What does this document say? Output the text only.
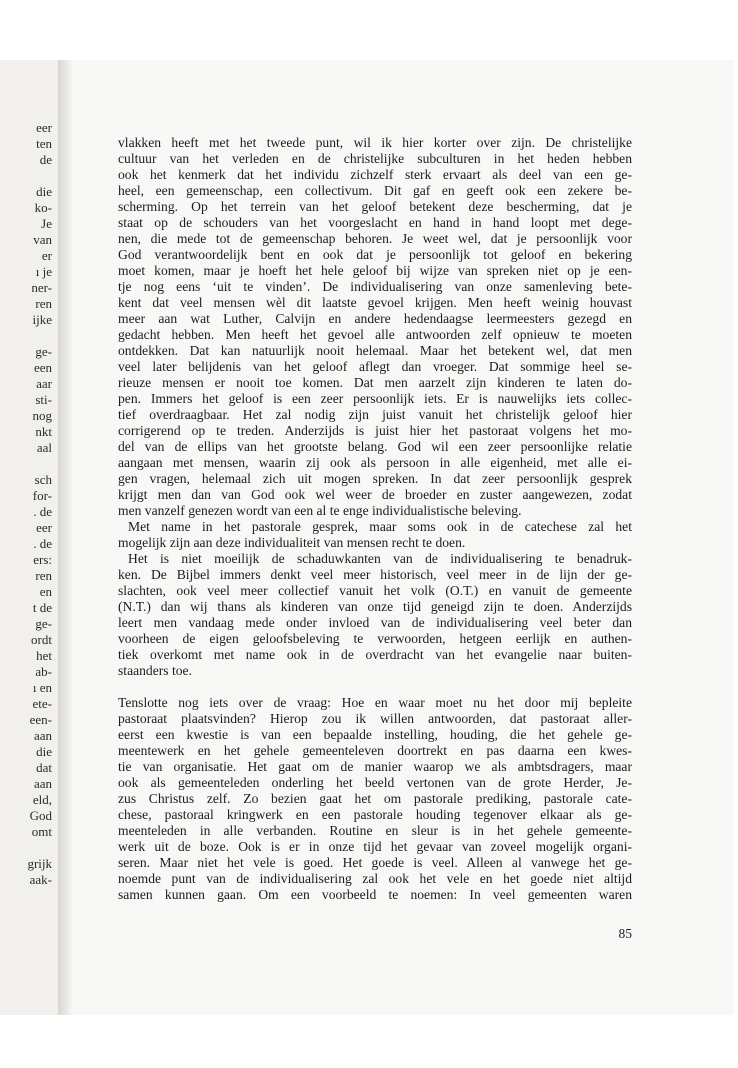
eer
ten
de
die
ko-
Je
van
er
ı je
ner-
ren
ijke
ge-
een
aar
sti-
nog
nkt
aal
sch
for-
. de
eer
. de
ers:
ren
en
t de
ge-
ordt
het
ab-
ı en
ete-
een-
aan
die
dat
aan
eld,
God
omt
grijk
aak-
85
vlakken heeft met het tweede punt, wil ik hier korter over zijn. De christelijke
cultuur van het verleden en de christelijke subculturen in het heden hebben
ook het kenmerk dat het individu zichzelf sterk ervaart als deel van een ge-
heel, een gemeenschap, een collectivum. Dit gaf en geeft ook een zekere be-
scherming. Op het terrein van het geloof betekent deze bescherming, dat je
staat op de schouders van het voorgeslacht en hand in hand loopt met dege-
nen, die mede tot de gemeenschap behoren. Je weet wel, dat je persoonlijk voor
God verantwoordelijk bent en ook dat je persoonlijk tot geloof en bekering
moet komen, maar je hoeft het hele geloof bij wijze van spreken niet op je een-
tje nog eens ‘uit te vinden’. De individualisering van onze samenleving bete-
kent dat veel mensen wèl dit laatste gevoel krijgen. Men heeft weinig houvast
meer aan wat Luther, Calvijn en andere hedendaagse leermeesters gezegd en
gedacht hebben. Men heeft het gevoel alle antwoorden zelf opnieuw te moeten
ontdekken. Dat kan natuurlijk nooit helemaal. Maar het betekent wel, dat men
veel later belijdenis van het geloof aflegt dan vroeger. Dat sommige heel se-
rieuze mensen er nooit toe komen. Dat men aarzelt zijn kinderen te laten do-
pen. Immers het geloof is een zeer persoonlijk iets. Er is nauwelijks iets collec-
tief overdraagbaar. Het zal nodig zijn juist vanuit het christelijk geloof hier
corrigerend op te treden. Anderzijds is juist hier het pastoraat volgens het mo-
del van de ellips van het grootste belang. God wil een zeer persoonlijke relatie
aangaan met mensen, waarin zij ook als persoon in alle eigenheid, met alle ei-
gen vragen, helemaal zich uit mogen spreken. In dat zeer persoonlijk gesprek
krijgt men dan van God ook wel weer de broeder en zuster aangewezen, zodat
men vanzelf genezen wordt van een al te enge individualistische beleving.
Met name in het pastorale gesprek, maar soms ook in de catechese zal het
mogelijk zijn aan deze individualiteit van mensen recht te doen.
Het is niet moeilijk de schaduwkanten van de individualisering te benadruk-
ken. De Bijbel immers denkt veel meer historisch, veel meer in de lijn der ge-
slachten, ook veel meer collectief vanuit het volk (O.T.) en vanuit de gemeente
(N.T.) dan wij thans als kinderen van onze tijd geneigd zijn te doen. Anderzijds
leert men vandaag mede onder invloed van de individualisering veel beter dan
voorheen de eigen geloofsbeleving te verwoorden, hetgeen eerlijk en authen-
tiek overkomt met name ook in de overdracht van het evangelie naar buiten-
staanders toe.
Tenslotte nog iets over de vraag: Hoe en waar moet nu het door mij bepleite
pastoraat plaatsvinden? Hierop zou ik willen antwoorden, dat pastoraat aller-
eerst een kwestie is van een bepaalde instelling, houding, die het gehele ge-
meentewerk en het gehele gemeenteleven doortrekt en pas daarna een kwes-
tie van organisatie. Het gaat om de manier waarop we als ambtsdragers, maar
ook als gemeenteleden onderling het beeld vertonen van de grote Herder, Je-
zus Christus zelf. Zo bezien gaat het om pastorale prediking, pastorale cate-
chese, pastoraal kringwerk en een pastorale houding tegenover elkaar als ge-
meenteleden in alle verbanden. Routine en sleur is in het gehele gemeente-
werk uit de boze. Ook is er in onze tijd het gevaar van zoveel mogelijk organi-
seren. Maar niet het vele is goed. Het goede is veel. Alleen al vanwege het ge-
noemde punt van de individualisering zal ook het vele en het goede niet altijd
samen kunnen gaan. Om een voorbeeld te noemen: In veel gemeenten waren
